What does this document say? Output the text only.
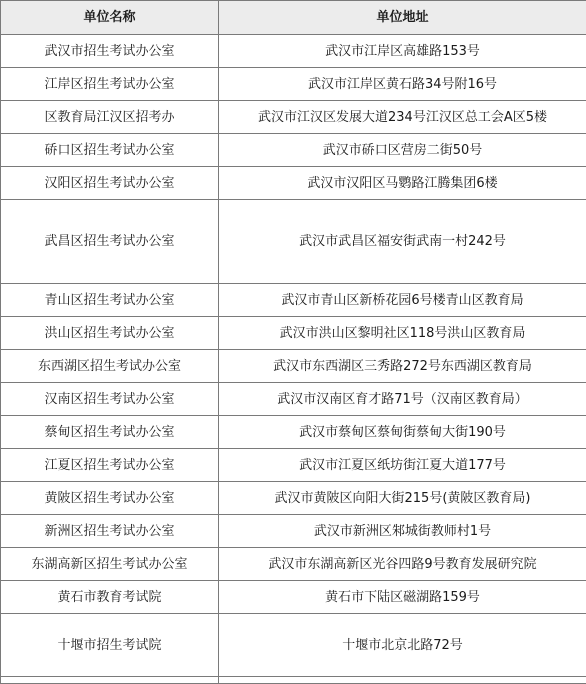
单位名称	单位地址
武汉市招生考试办公室	武汉市江岸区高雄路153号
江岸区招生考试办公室	武汉市江岸区黄石路34号附16号
区教育局江汉区招考办	武汉市江汉区发展大道234号江汉区总工会A区5楼
硚口区招生考试办公室	武汉市硚口区营房二街50号
汉阳区招生考试办公室	武汉市汉阳区马鹦路江腾集团6楼
武昌区招生考试办公室	武汉市武昌区福安街武南一村242号
青山区招生考试办公室	武汉市青山区新桥花园6号楼青山区教育局
洪山区招生考试办公室	武汉市洪山区黎明社区118号洪山区教育局
东西湖区招生考试办公室	武汉市东西湖区三秀路272号东西湖区教育局
汉南区招生考试办公室	武汉市汉南区育才路71号（汉南区教育局）
蔡甸区招生考试办公室	武汉市蔡甸区蔡甸街蔡甸大街190号
江夏区招生考试办公室	武汉市江夏区纸坊街江夏大道177号
黄陂区招生考试办公室	武汉市黄陂区向阳大街215号(黄陂区教育局)
新洲区招生考试办公室	武汉市新洲区邾城街教师村1号
东湖高新区招生考试办公室	武汉市东湖高新区光谷四路9号教育发展研究院
黄石市教育考试院	黄石市下陆区磁湖路159号
十堰市招生考试院	十堰市北京北路72号
